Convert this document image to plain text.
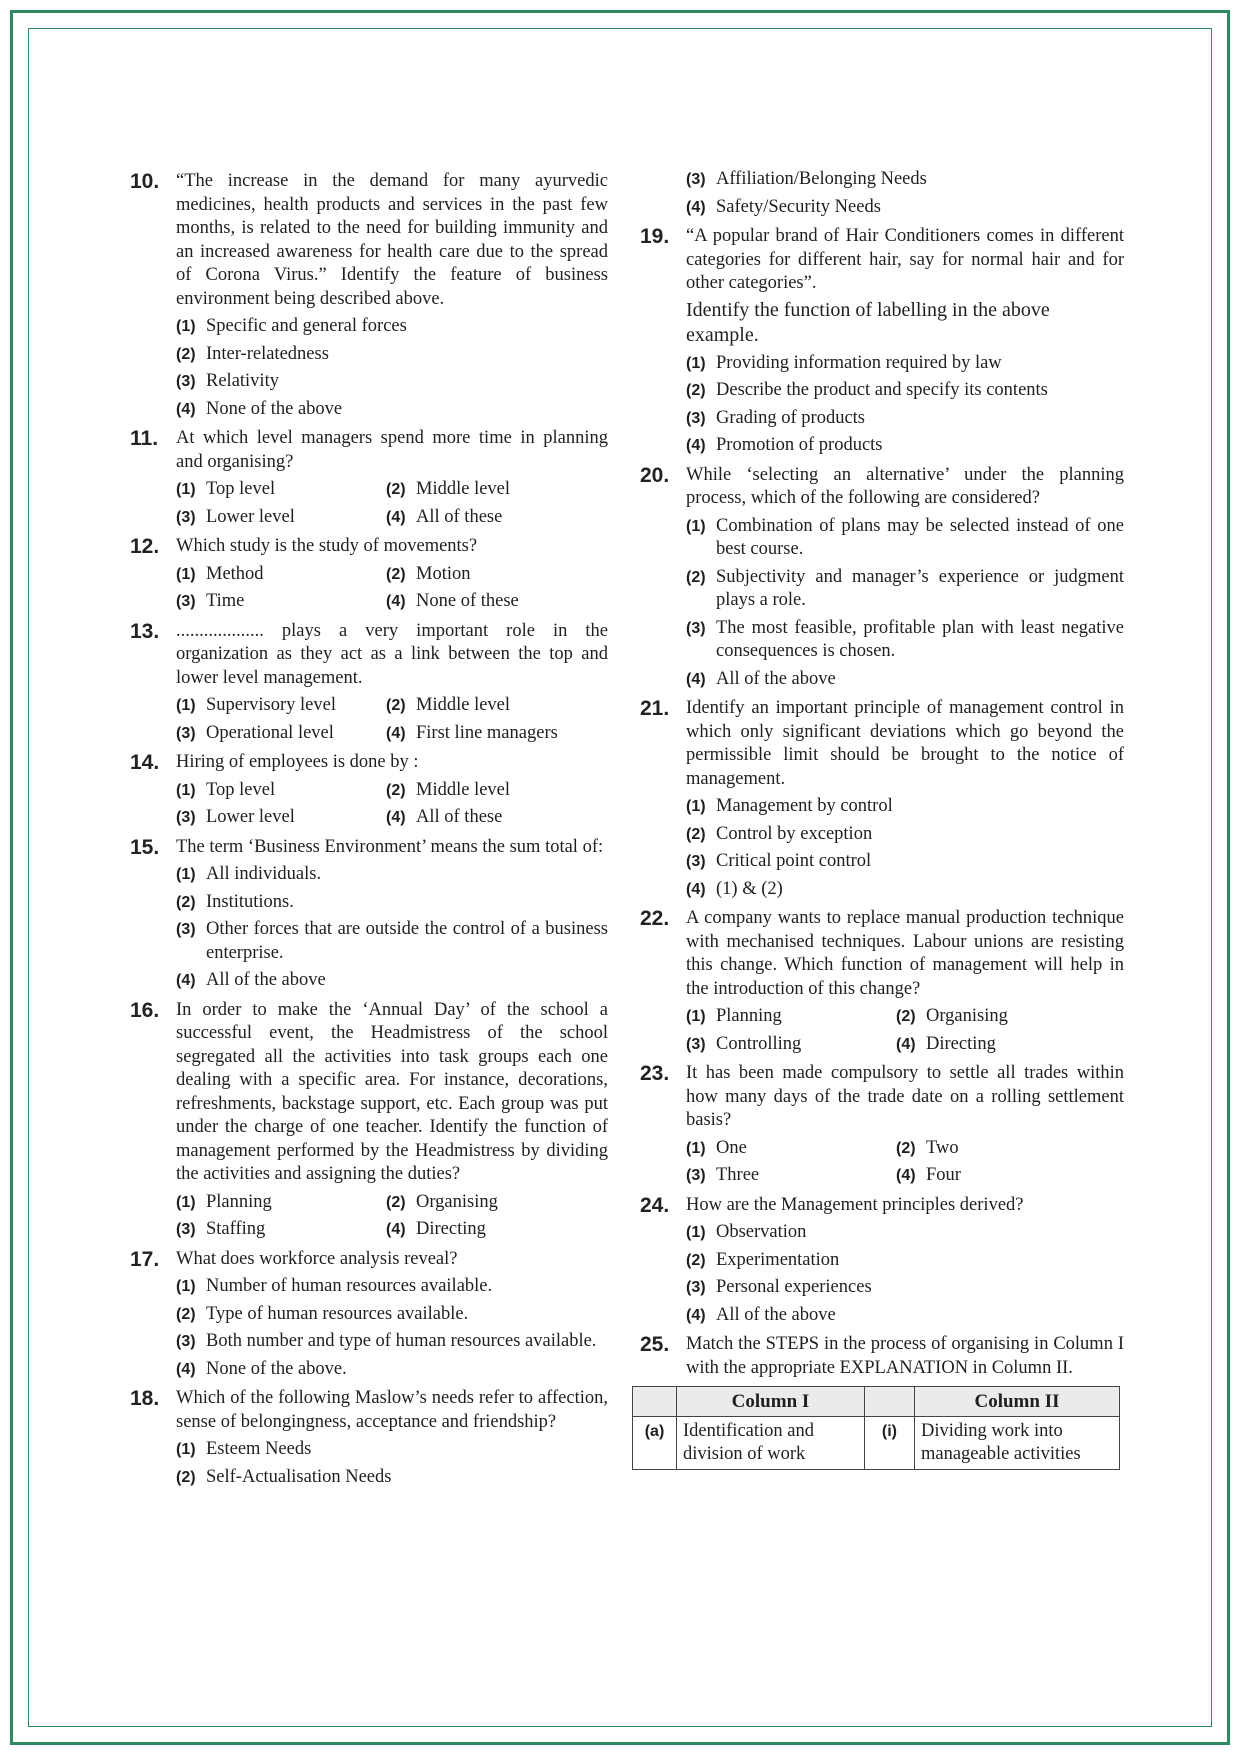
10. “The increase in the demand for many ayurvedic medicines, health products and services in the past few months, is related to the need for building immunity and an increased awareness for health care due to the spread of Corona Virus.” Identify the feature of business environment being described above.
(1) Specific and general forces
(2) Inter-relatedness
(3) Relativity
(4) None of the above
11. At which level managers spend more time in planning and organising?
(1) Top level	(2) Middle level
(3) Lower level	(4) All of these
12. Which study is the study of movements?
(1) Method	(2) Motion
(3) Time	(4) None of these
13. ................... plays a very important role in the organization as they act as a link between the top and lower level management.
(1) Supervisory level	(2) Middle level
(3) Operational level	(4) First line managers
14. Hiring of employees is done by :
(1) Top level	(2) Middle level
(3) Lower level	(4) All of these
15. The term ‘Business Environment’ means the sum total of:
(1) All individuals.
(2) Institutions.
(3) Other forces that are outside the control of a business enterprise.
(4) All of the above
16. In order to make the ‘Annual Day’ of the school a successful event, the Headmistress of the school segregated all the activities into task groups each one dealing with a specific area. For instance, decorations, refreshments, backstage support, etc. Each group was put under the charge of one teacher. Identify the function of management performed by the Headmistress by dividing the activities and assigning the duties?
(1) Planning	(2) Organising
(3) Staffing	(4) Directing
17. What does workforce analysis reveal?
(1) Number of human resources available.
(2) Type of human resources available.
(3) Both number and type of human resources available.
(4) None of the above.
18. Which of the following Maslow’s needs refer to affection, sense of belongingness, acceptance and friendship?
(1) Esteem Needs
(2) Self-Actualisation Needs
(3) Affiliation/Belonging Needs
(4) Safety/Security Needs
19. “A popular brand of Hair Conditioners comes in different categories for different hair, say for normal hair and for other categories”.
Identify the function of labelling in the above example.
(1) Providing information required by law
(2) Describe the product and specify its contents
(3) Grading of products
(4) Promotion of products
20. While ‘selecting an alternative’ under the planning process, which of the following are considered?
(1) Combination of plans may be selected instead of one best course.
(2) Subjectivity and manager’s experience or judgment plays a role.
(3) The most feasible, profitable plan with least negative consequences is chosen.
(4) All of the above
21. Identify an important principle of management control in which only significant deviations which go beyond the permissible limit should be brought to the notice of management.
(1) Management by control
(2) Control by exception
(3) Critical point control
(4) (1) & (2)
22. A company wants to replace manual production technique with mechanised techniques. Labour unions are resisting this change. Which function of management will help in the introduction of this change?
(1) Planning	(2) Organising
(3) Controlling	(4) Directing
23. It has been made compulsory to settle all trades within how many days of the trade date on a rolling settlement basis?
(1) One	(2) Two
(3) Three	(4) Four
24. How are the Management principles derived?
(1) Observation
(2) Experimentation
(3) Personal experiences
(4) All of the above
25. Match the STEPS in the process of organising in Column I with the appropriate EXPLANATION in Column II.
	Column I		Column II
(a)	Identification and division of work	(i)	Dividing work into manageable activities
